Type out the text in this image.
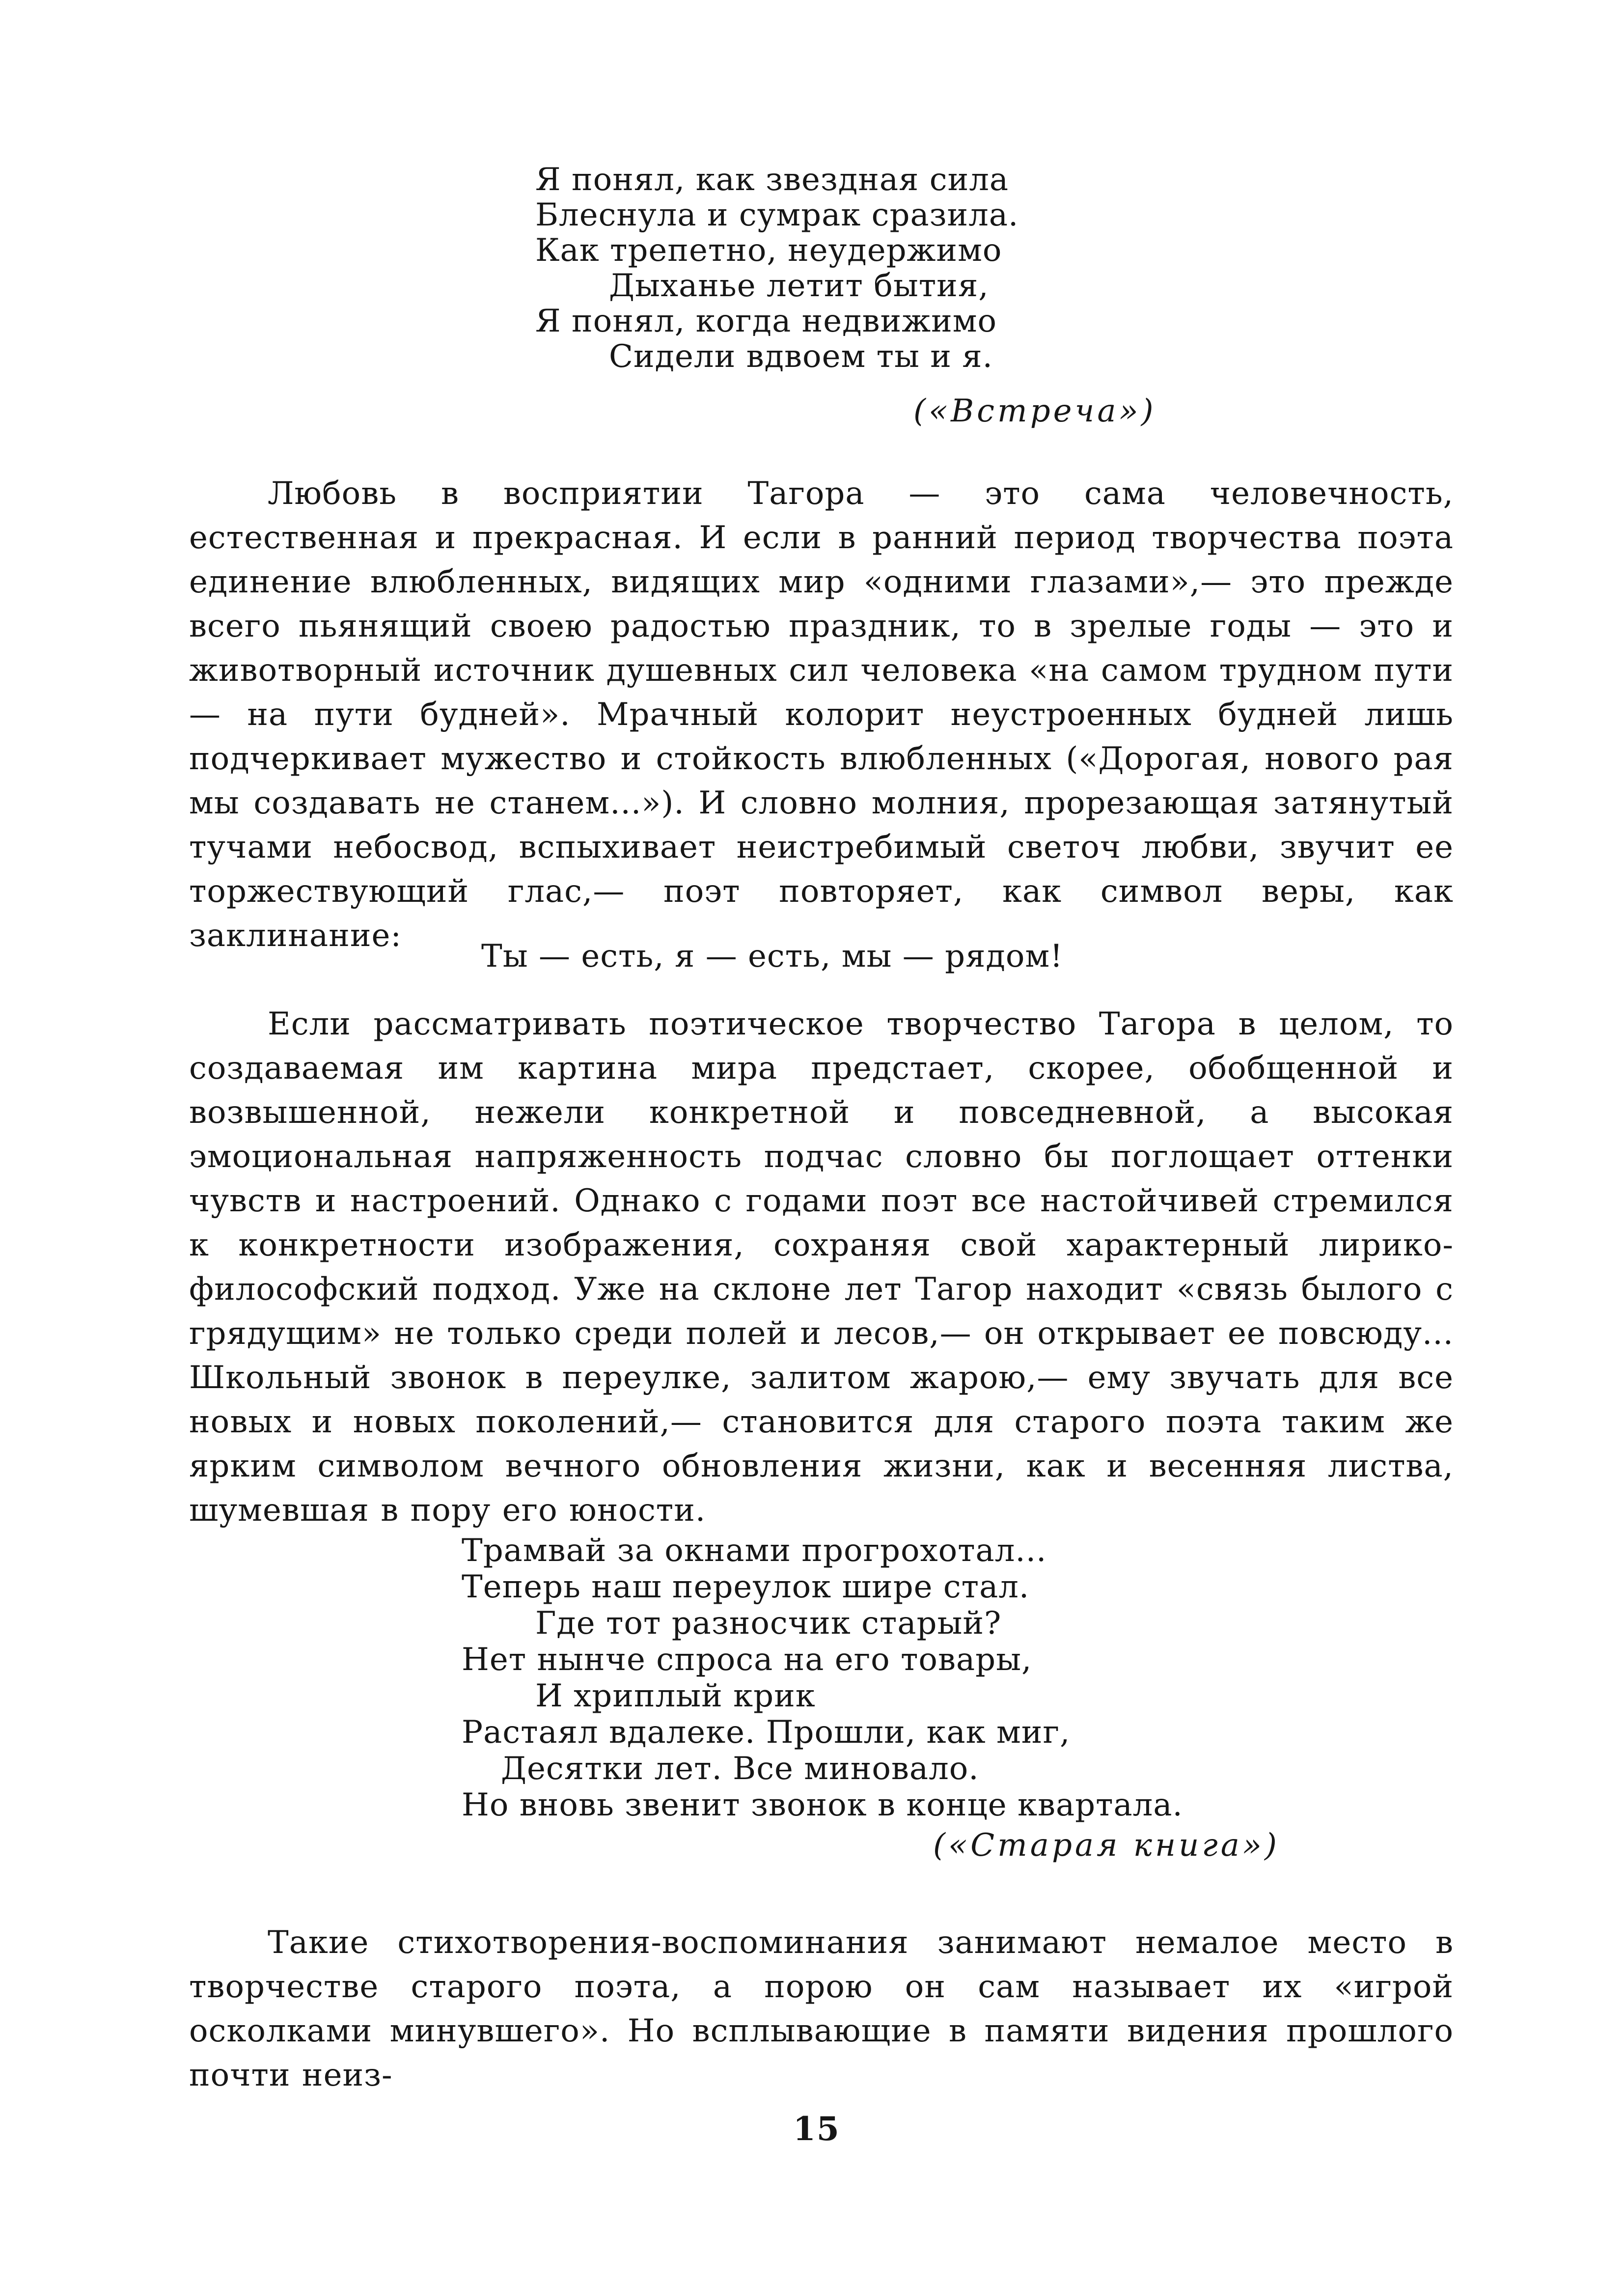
Я понял, как звездная сила
Блеснула и сумрак сразила.
Как трепетно, неудержимо
Дыханье летит бытия,
Я понял, когда недвижимо
Сидели вдвоем ты и я.
(«Встреча»)
Любовь в восприятии Тагора — это сама человечность, естественная и прекрасная. И если в ранний период творчества поэта единение влюбленных, видящих мир «одними глазами»,— это прежде всего пьянящий своею радостью праздник, то в зрелые годы — это и животворный источник душевных сил человека «на самом трудном пути — на пути будней». Мрачный колорит неустроенных будней лишь подчеркивает мужество и стойкость влюбленных («Дорогая, нового рая мы создавать не станем...»). И словно молния, прорезающая затянутый тучами небосвод, вспыхивает неистребимый светоч любви, звучит ее торжествующий глас,— поэт повторяет, как символ веры, как заклинание:
Ты — есть, я — есть, мы — рядом!
Если рассматривать поэтическое творчество Тагора в целом, то создаваемая им картина мира предстает, скорее, обобщенной и возвышенной, нежели конкретной и повседневной, а высокая эмоциональная напряженность подчас словно бы поглощает оттенки чувств и настроений. Однако с годами поэт все настойчивей стремился к конкретности изображения, сохраняя свой характерный лирико-философский подход. Уже на склоне лет Тагор находит «связь былого с грядущим» не только среди полей и лесов,— он открывает ее повсюду... Школьный звонок в переулке, залитом жарою,— ему звучать для все новых и новых поколений,— становится для старого поэта таким же ярким символом вечного обновления жизни, как и весенняя листва, шумевшая в пору его юности.
Трамвай за окнами прогрохотал...
Теперь наш переулок шире стал.
Где тот разносчик старый?
Нет нынче спроса на его товары,
И хриплый крик
Растаял вдалеке. Прошли, как миг,
Десятки лет. Все миновало.
Но вновь звенит звонок в конце квартала.
(«Старая книга»)
Такие стихотворения-воспоминания занимают немалое место в творчестве старого поэта, а порою он сам называет их «игрой осколками минувшего». Но всплывающие в памяти видения прошлого почти неиз-
15
